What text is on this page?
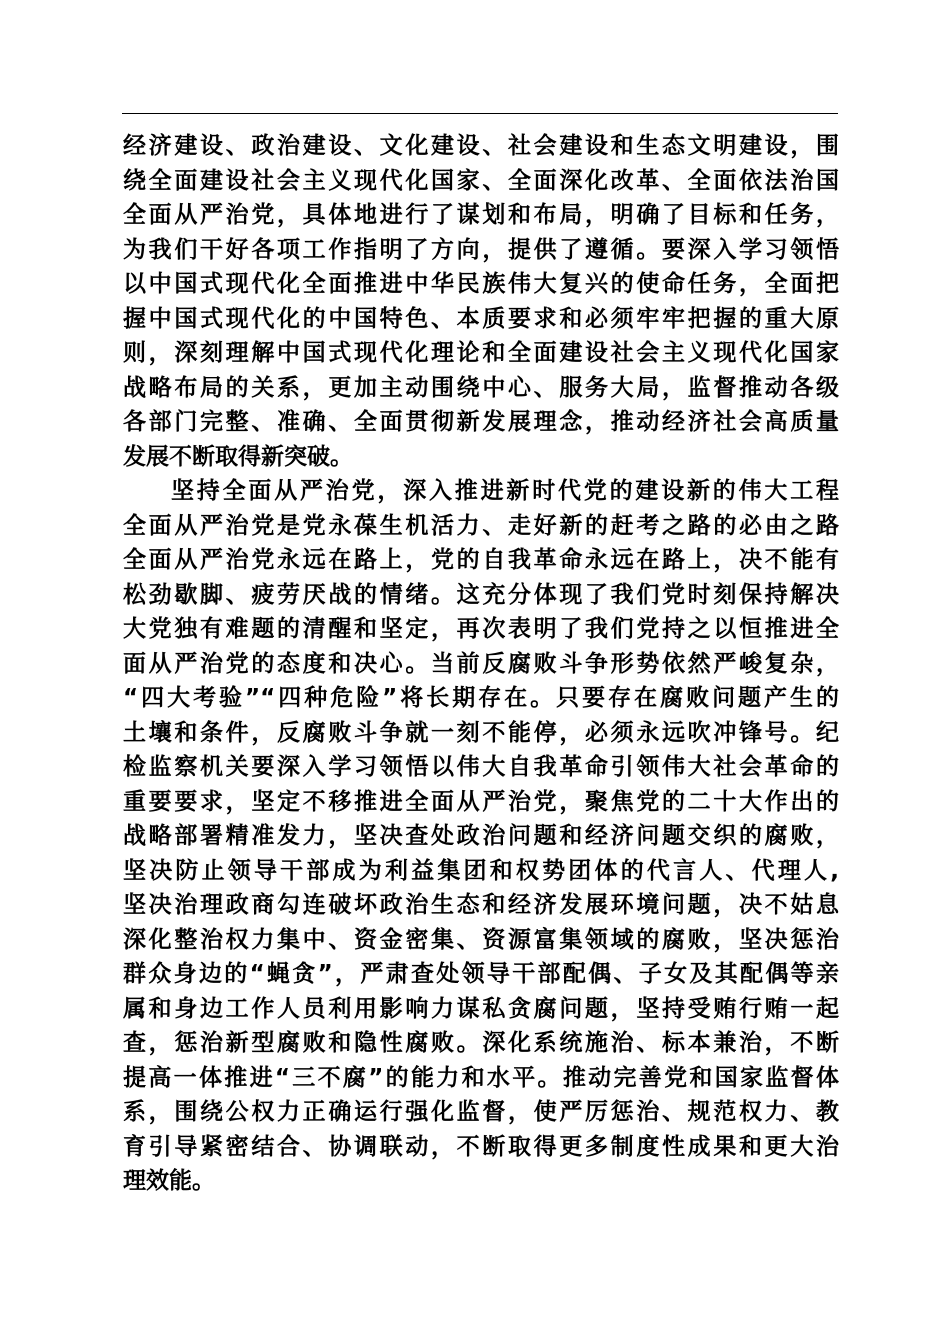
经济建设、政治建设、文化建设、社会建设和生态文明建设，围
绕全面建设社会主义现代化国家、全面深化改革、全面依法治国
全面从严治党，具体地进行了谋划和布局，明确了目标和任务，
为我们干好各项工作指明了方向，提供了遵循。要深入学习领悟
以中国式现代化全面推进中华民族伟大复兴的使命任务，全面把
握中国式现代化的中国特色、本质要求和必须牢牢把握的重大原
则，深刻理解中国式现代化理论和全面建设社会主义现代化国家
战略布局的关系，更加主动围绕中心、服务大局，监督推动各级
各部门完整、准确、全面贯彻新发展理念，推动经济社会高质量
发展不断取得新突破。
坚持全面从严治党，深入推进新时代党的建设新的伟大工程
全面从严治党是党永葆生机活力、走好新的赶考之路的必由之路
全面从严治党永远在路上，党的自我革命永远在路上，决不能有
松劲歇脚、疲劳厌战的情绪。这充分体现了我们党时刻保持解决
大党独有难题的清醒和坚定，再次表明了我们党持之以恒推进全
面从严治党的态度和决心。当前反腐败斗争形势依然严峻复杂，
“四大考验”“四种危险”将长期存在。只要存在腐败问题产生的
土壤和条件，反腐败斗争就一刻不能停，必须永远吹冲锋号。纪
检监察机关要深入学习领悟以伟大自我革命引领伟大社会革命的
重要要求，坚定不移推进全面从严治党，聚焦党的二十大作出的
战略部署精准发力，坚决查处政治问题和经济问题交织的腐败，
坚决防止领导干部成为利益集团和权势团体的代言人、代理人,
坚决治理政商勾连破坏政治生态和经济发展环境问题，决不姑息
深化整治权力集中、资金密集、资源富集领域的腐败，坚决惩治
群众身边的“蝇贪”，严肃查处领导干部配偶、子女及其配偶等亲
属和身边工作人员利用影响力谋私贪腐问题，坚持受贿行贿一起
查，惩治新型腐败和隐性腐败。深化系统施治、标本兼治，不断
提高一体推进“三不腐”的能力和水平。推动完善党和国家监督体
系，围绕公权力正确运行强化监督，使严厉惩治、规范权力、教
育引导紧密结合、协调联动，不断取得更多制度性成果和更大治
理效能。
